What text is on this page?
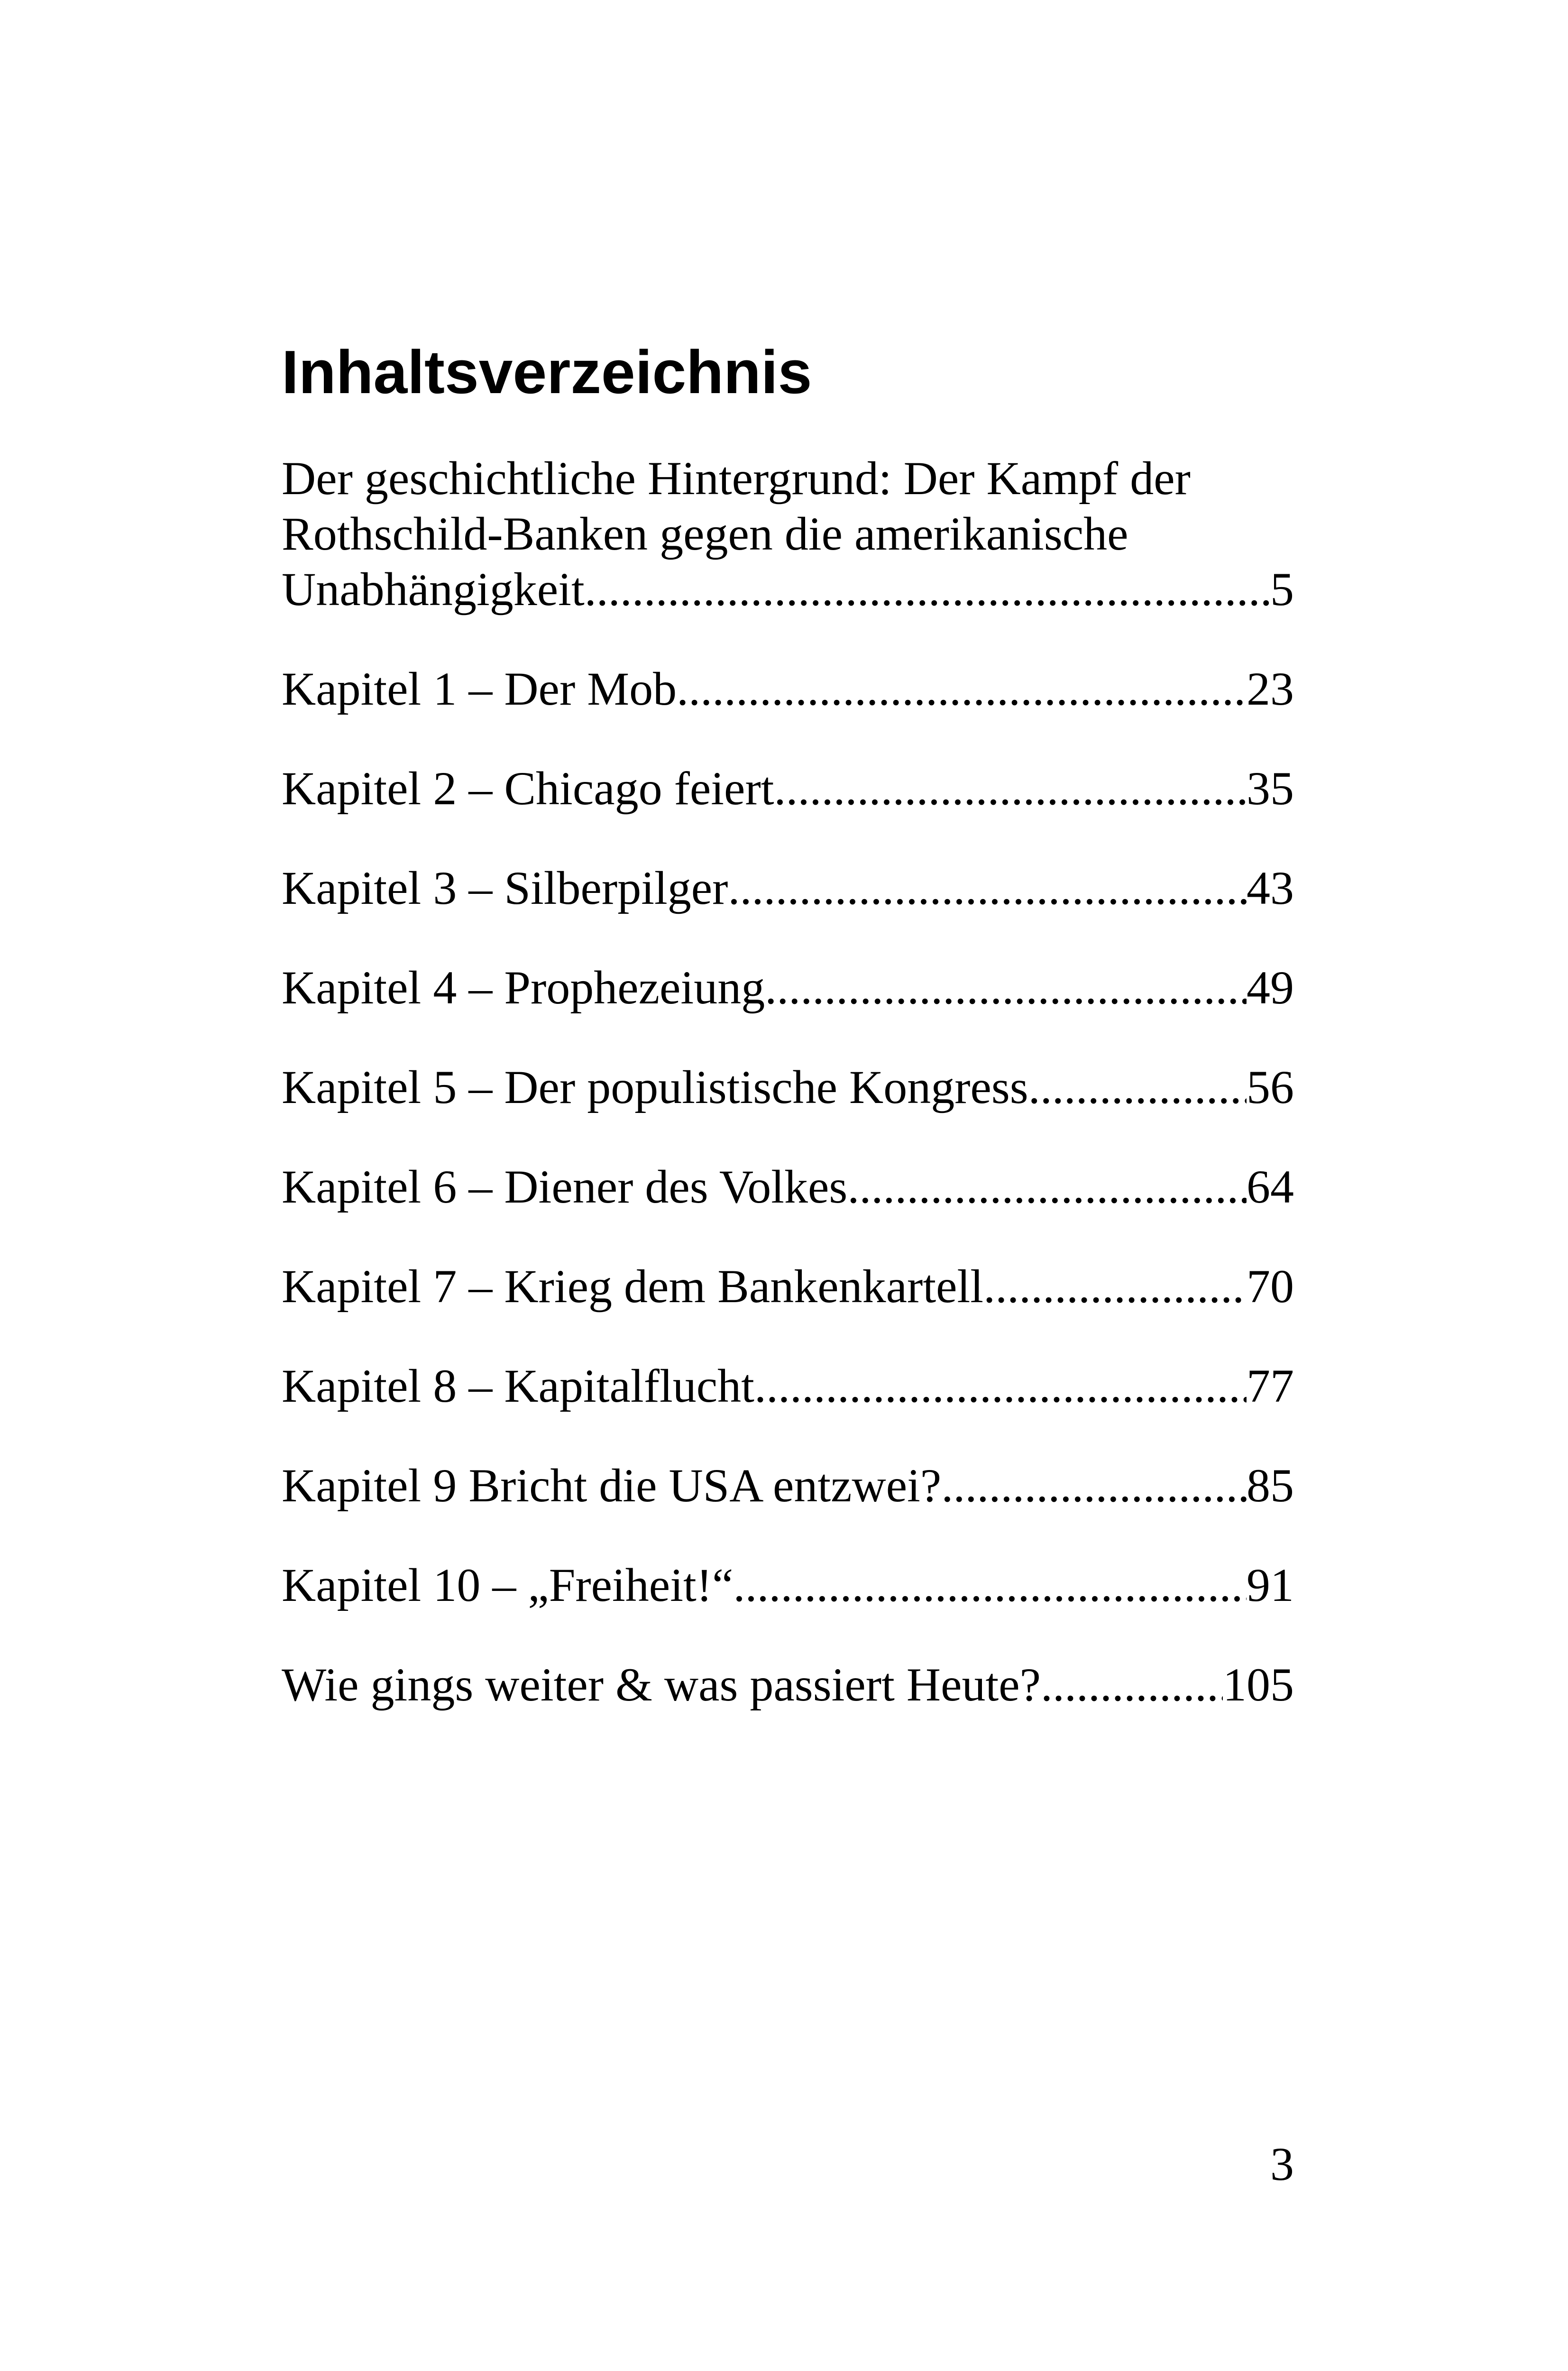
Inhaltsverzeichnis
Der geschichtliche Hintergrund: Der Kampf der
Rothschild-Banken gegen die amerikanische
Unabhängigkeit .....	5
Kapitel 1 – Der Mob .....	23
Kapitel 2 – Chicago feiert .....	35
Kapitel 3 – Silberpilger .....	43
Kapitel 4 – Prophezeiung .....	49
Kapitel 5 – Der populistische Kongress .....	56
Kapitel 6 – Diener des Volkes .....	64
Kapitel 7 – Krieg dem Bankenkartell .....	70
Kapitel 8 – Kapitalflucht .....	77
Kapitel 9 Bricht die USA entzwei? .....	85
Kapitel 10 – „Freiheit!“ .....	91
Wie gings weiter & was passiert Heute? .....	105
3
